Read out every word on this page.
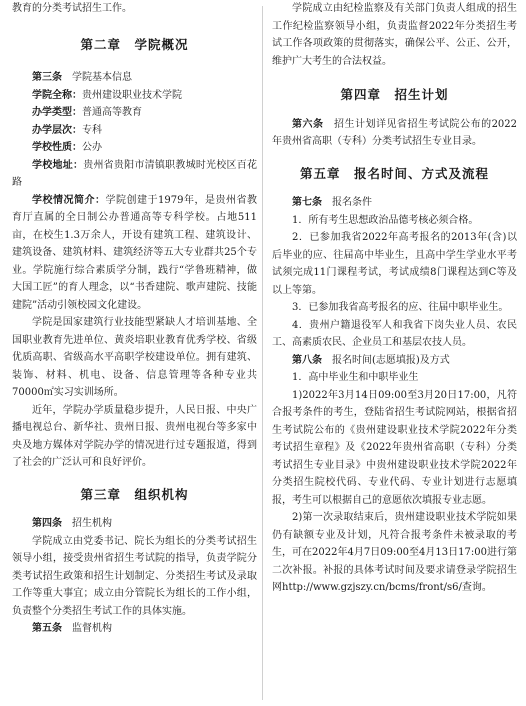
教育的分类考试招生工作。

第二章　学院概况

第三条　 学院基本信息

学院全称：贵州建设职业技术学院

办学类型：普通高等教育

办学层次：专科

学校性质：公办

学校地址：贵州省贵阳市清镇职教城时光校区百花路

学校情况简介：学院创建于1979年，是贵州省教育厅直属的全日制公办普通高等专科学校。占地511亩，在校生1.3万余人，开设有建筑工程、建筑设计、建筑设备、建筑材料、建筑经济等五大专业群共25个专业。学院施行综合素质学分制，践行“学鲁班精神，做大国工匠”的育人理念，以“书香建院、歌声建院、技能建院”活动引领校园文化建设。

学院是国家建筑行业技能型紧缺人才培训基地、全国职业教育先进单位、黄炎培职业教育优秀学校、省级优质高职、省级高水平高职学校建设单位。拥有建筑、装饰、材料、机电、设备、信息管理等各种专业共70000㎡实习实训场所。

近年，学院办学质量稳步提升，人民日报、中央广播电视总台、新华社、贵州日报、贵州电视台等多家中央及地方媒体对学院办学的情况进行过专题报道，得到了社会的广泛认可和良好评价。

第三章　组织机构

第四条　 招生机构

学院成立由党委书记、院长为组长的分类考试招生领导小组，接受贵州省招生考试院的指导，负责学院分类考试招生政策和招生计划制定、分类招生考试及录取工作等重大事宜；成立由分管院长为组长的工作小组，负责整个分类招生考试工作的具体实施。

第五条　 监督机构

学院成立由纪检监察及有关部门负责人组成的招生工作纪检监察领导小组，负责监督2022年分类招生考试工作各项政策的贯彻落实，确保公平、公正、公开，维护广大考生的合法权益。

第四章　招生计划

第六条　 招生计划详见省招生考试院公布的2022年贵州省高职（专科）分类考试招生专业目录。

第五章　报名时间、方式及流程

第七条　 报名条件

1．所有考生思想政治品德考核必须合格。

2．已参加我省2022年高考报名的2013年(含)以后毕业的应、往届高中毕业生，且高中学生学业水平考试须完成11门课程考试，考试成绩8门课程达到C等及以上等第。

3．已参加我省高考报名的应、往届中职毕业生。

4．贵州户籍退役军人和我省下岗失业人员、农民工、高素质农民、企业员工和基层农技人员。

第八条　 报名时间(志愿填报)及方式

1．高中毕业生和中职毕业生

1)2022年3月14日09:00至3月20日17:00，凡符合报考条件的考生，登陆省招生考试院网站，根据省招生考试院公布的《贵州建设职业技术学院2022年分类考试招生章程》及《2022年贵州省高职（专科）分类考试招生专业目录》中贵州建设职业技术学院2022年分类招生院校代码、专业代码、专业计划进行志愿填报，考生可以根据自己的意愿依次填报专业志愿。

2)第一次录取结束后，贵州建设职业技术学院如果仍有缺额专业及计划，凡符合报考条件未被录取的考生，可在2022年4月7日09:00至4月13日17:00进行第二次补报。补报的具体考试时间及要求请登录学院招生网http://www.gzjszy.cn/bcms/front/s6/查询。
